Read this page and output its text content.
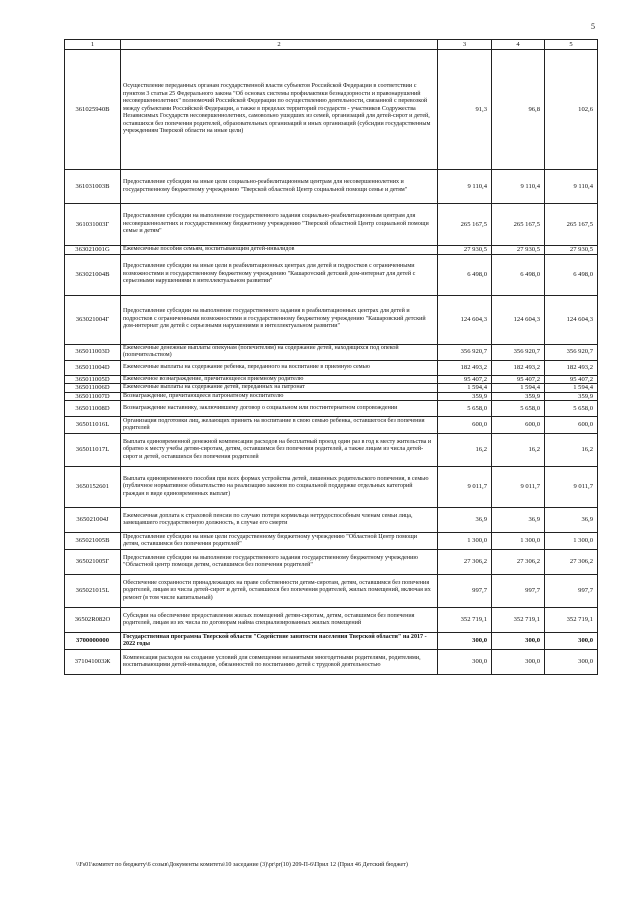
5
1	2	3	4	5
361025940В	Осуществление переданных органам государственной власти субъектов Российской Федерации в соответствии с пунктом 3 статьи 25 Федерального закона "Об основах системы профилактики безнадзорности и правонарушений несовершеннолетних" полномочий Российской Федерации по осуществлению деятельности, связанной с перевозкой между субъектами Российской Федерации, а также в пределах территорий государств - участников Содружества Независимых Государств несовершеннолетних, самовольно ушедших из семей, организаций для детей-сирот и детей, оставшихся без попечения родителей, образовательных организаций и иных организаций (субсидии государственным учреждениям Тверской области на иные цели)	91,3	96,8	102,6
361031003В	Предоставление субсидии на иные цели социально-реабилитационным центрам для несовершеннолетних и государственному бюджетному учреждению "Тверской областной Центр социальной помощи семье и детям"	9 110,4	9 110,4	9 110,4
361031003Г	Предоставление субсидии на выполнение государственного задания социально-реабилитационным центрам для несовершеннолетних и государственному бюджетному учреждению "Тверской областной Центр социальной помощи семье и детям"	265 167,5	265 167,5	265 167,5
363021001G	Ежемесячные пособия семьям, воспитывающим детей-инвалидов	27 930,5	27 930,5	27 930,5
363021004В	Предоставление субсидии на иные цели в реабилитационных центрах для детей и подростков с ограниченными возможностями и государственному бюджетному учреждению "Кашарovский детский дом-интернат для детей с серьезными нарушениями в интеллектуальном развитии"	6 498,0	6 498,0	6 498,0
363021004Г	Предоставление субсидии на выполнение государственного задания в реабилитационных центрах для детей и подростков с ограниченными возможностями и государственному бюджетному учреждению "Кашаровский детский дом-интернат для детей с серьезными нарушениями в интеллектуальном развитии"	124 604,3	124 604,3	124 604,3
365011003D	Ежемесячные денежные выплаты опекунам (попечителям) на содержание детей, находящихся под опекой (попечительством)	356 920,7	356 920,7	356 920,7
365011004D	Ежемесячные выплаты на содержание ребенка, переданного на воспитание в приемную семью	182 493,2	182 493,2	182 493,2
365011005D	Ежемесячное вознаграждение, причитающееся приемному родителю	95 407,2	95 407,2	95 407,2
365011006D	Ежемесячные выплаты на содержание детей, переданных на патронат	1 594,4	1 594,4	1 594,4
365011007D	Вознаграждение, причитающееся патронатному воспитателю	359,9	359,9	359,9
365011008D	Вознаграждение наставнику, заключившему договор о социальном или постинтернатном сопровождении	5 658,0	5 658,0	5 658,0
365011016L	Организация подготовки лиц, желающих принять на воспитание в свою семью ребенка, оставшегося без попечения родителей	600,0	600,0	600,0
365011017L	Выплата единовременной денежной компенсации расходов на бесплатный проезд один раз в год к месту жительства и обратно к месту учебы детям-сиротам, детям, оставшимся без попечения родителей, а также лицам из числа детей-сирот и детей, оставшихся без попечения родителей	16,2	16,2	16,2
3650152601	Выплата единовременного пособия при всех формах устройства детей, лишенных родительского попечения, в семью (публичное нормативное обязательство на реализацию законов по социальной поддержке отдельных категорий граждан в виде единовременных выплат)	9 011,7	9 011,7	9 011,7
365021004J	Ежемесячная доплата к страховой пенсии по случаю потери кормильца нетрудоспособным членам семьи лица, замещавшего государственную должность, в случае его смерти	36,9	36,9	36,9
365021005В	Предоставление субсидии на иные цели государственному бюджетному учреждению "Областной Центр помощи детям, оставшимся без попечения родителей"	1 300,0	1 300,0	1 300,0
365021005Г	Предоставление субсидии на выполнение государственного задания государственному бюджетному учреждению "Областной центр помощи детям, оставшимся без попечения родителей"	27 306,2	27 306,2	27 306,2
365021015L	Обеспечение сохранности принадлежащих на праве собственности детям-сиротам, детям, оставшимся без попечения родителей, лицам из числа детей-сирот и детей, оставшихся без попечения родителей, жилых помещений, включая их ремонт (в том числе капитальный)	997,7	997,7	997,7
36502R082O	Субсидии на обеспечение предоставления жилых помещений детям-сиротам, детям, оставшимся без попечения родителей, лицам из их числа по договорам найма специализированных жилых помещений	352 719,1	352 719,1	352 719,1
3700000000	Государственная программа Тверской области "Содействие занятости населения Тверской области" на 2017 - 2022 годы	300,0	300,0	300,0
371041003Ж	Компенсация расходов на создание условий для совмещения незанятыми многодетными родителями, родителями, воспитывающими детей-инвалидов, обязанностей по воспитанию детей с трудовой деятельностью	300,0	300,0	300,0
\\Fs01\комитет по бюджету\6 созыв\Документы комитета\10 заседание (3)\pr\pr(10) 209-П-6\Прил 12 (Прил 46 Детский бюджет)
